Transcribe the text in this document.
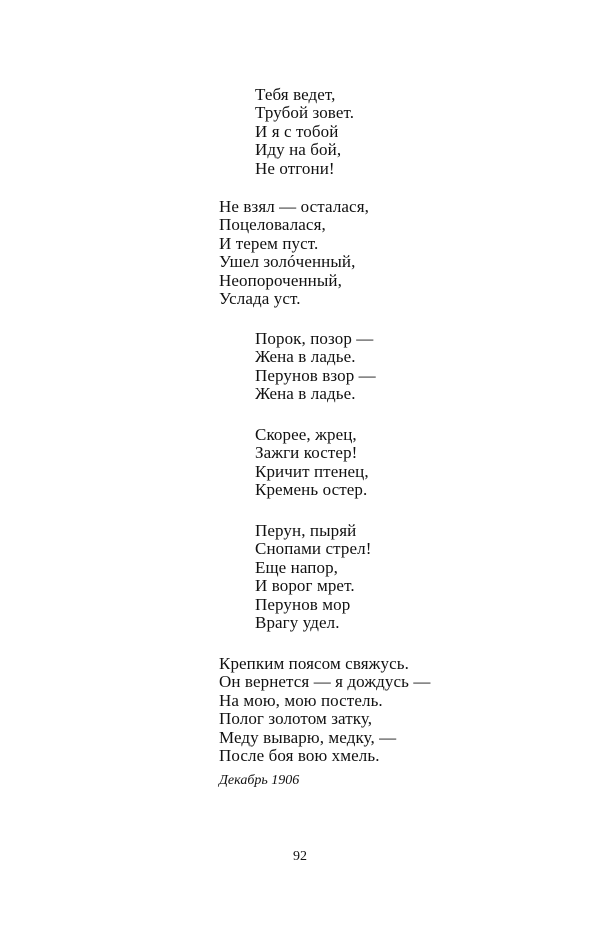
Тебя ведет,
Трубой зовет.
И я с тобой
Иду на бой,
Не отгони!
Не взял — осталася,
Поцеловалася,
И терем пуст.
Ушел золóченный,
Неопороченный,
Услада уст.
Порок, позор —
Жена в ладье.
Перунов взор —
Жена в ладье.
Скорее, жрец,
Зажги костер!
Кричит птенец,
Кремень остер.
Перун, пыряй
Снопами стрел!
Еще напор,
И ворог мрет.
Перунов мор
Врагу удел.
Крепким поясом свяжусь.
Он вернется — я дождусь —
На мою, мою постель.
Полог золотом затку,
Меду выварю, медку, —
После боя вою хмель.
Декабрь 1906
92
